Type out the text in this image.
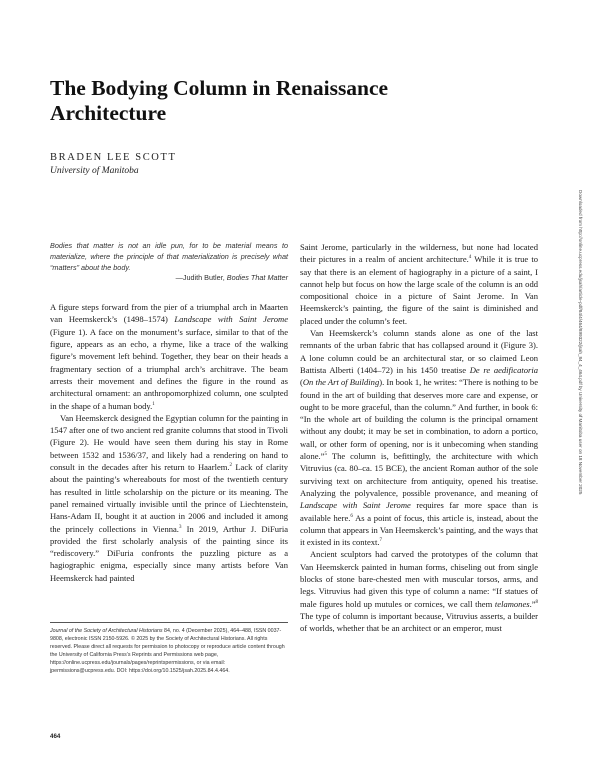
The Bodying Column in Renaissance Architecture
BRADEN LEE SCOTT
University of Manitoba
Downloaded from http://online.ucpress.edu/jsah/article-pdf/84/4/464/899322/jsah_84_4_464.pdf by University of Manitoba user on 18 November 2025

Bodies that matter is not an idle pun, for to be material means to materialize, where the principle of that materialization is precisely what “matters” about the body.

—Judith Butler, Bodies That Matter

A figure steps forward from the pier of a triumphal arch in Maarten van Heemskerck’s (1498–1574) Landscape with Saint Jerome (Figure 1). A face on the monument’s surface, similar to that of the figure, appears as an echo, a rhyme, like a trace of the walking figure’s movement left behind. Together, they bear on their heads a fragmentary section of a triumphal arch’s architrave. The beam arrests their movement and defines the figure in the round as architectural ornament: an anthropomorphized column, one sculpted in the shape of a human body.$^1$

Van Heemskerck designed the Egyptian column for the painting in 1547 after one of two ancient red granite columns that stood in Tivoli (Figure 2). He would have seen them during his stay in Rome between 1532 and 1536/37, and likely had a rendering on hand to consult in the decades after his return to Haarlem.$^2$ Lack of clarity about the painting’s whereabouts for most of the twentieth century has resulted in little scholarship on the picture or its meaning. The panel remained virtually invisible until the prince of Liechtenstein, Hans-Adam II, bought it at auction in 2006 and included it among the princely collections in Vienna.$^3$ In 2019, Arthur J. DiFuria provided the first scholarly analysis of the painting since its “rediscovery.” DiFuria confronts the puzzling picture as a hagiographic enigma, especially since many artists before Van Heemskerck had painted

Saint Jerome, particularly in the wilderness, but none had located their pictures in a realm of ancient architecture.$^4$ While it is true to say that there is an element of hagiography in a picture of a saint, I cannot help but focus on how the large scale of the column is an odd compositional choice in a picture of Saint Jerome. In Van Heemskerck’s painting, the figure of the saint is diminished and placed under the column’s feet.

Van Heemskerck’s column stands alone as one of the last remnants of the urban fabric that has collapsed around it (Figure 3). A lone column could be an architectural star, or so claimed Leon Battista Alberti (1404–72) in his 1450 treatise De re aedificatoria (On the Art of Building). In book 1, he writes: “There is nothing to be found in the art of building that deserves more care and expense, or ought to be more graceful, than the column.” And further, in book 6: “In the whole art of building the column is the principal ornament without any doubt; it may be set in combination, to adorn a portico, wall, or other form of opening, nor is it unbecoming when standing alone.”$^5$ The column is, befittingly, the architecture with which Vitruvius (ca. 80–ca. 15 BCE), the ancient Roman author of the sole surviving text on architecture from antiquity, opened his treatise. Analyzing the polyvalence, possible provenance, and meaning of Landscape with Saint Jerome requires far more space than is available here.$^6$ As a point of focus, this article is, instead, about the column that appears in Van Heemskerck’s painting, and the ways that it existed in its context.$^7$

Ancient sculptors had carved the prototypes of the column that Van Heemskerck painted in human forms, chiseling out from single blocks of stone bare-chested men with muscular torsos, arms, and legs. Vitruvius had given this type of column a name: “If statues of male figures hold up mutules or cornices, we call them telamones.”$^8$ The type of column is important because, Vitruvius asserts, a builder of worlds, whether that be an architect or an emperor, must

Journal of the Society of Architectural Historians 84, no. 4 (December 2025), 464–488, ISSN 0037-9808, electronic ISSN 2150-5926. © 2025 by the Society of Architectural Historians. All rights reserved. Please direct all requests for permission to photocopy or reproduce article content through the University of California Press’s Reprints and Permissions web page, https://online.ucpress.edu/journals/pages/reprintspermissions, or via email: jpermissions@ucpress.edu. DOI: https://doi.org/10.1525/jsah.2025.84.4.464.

464
